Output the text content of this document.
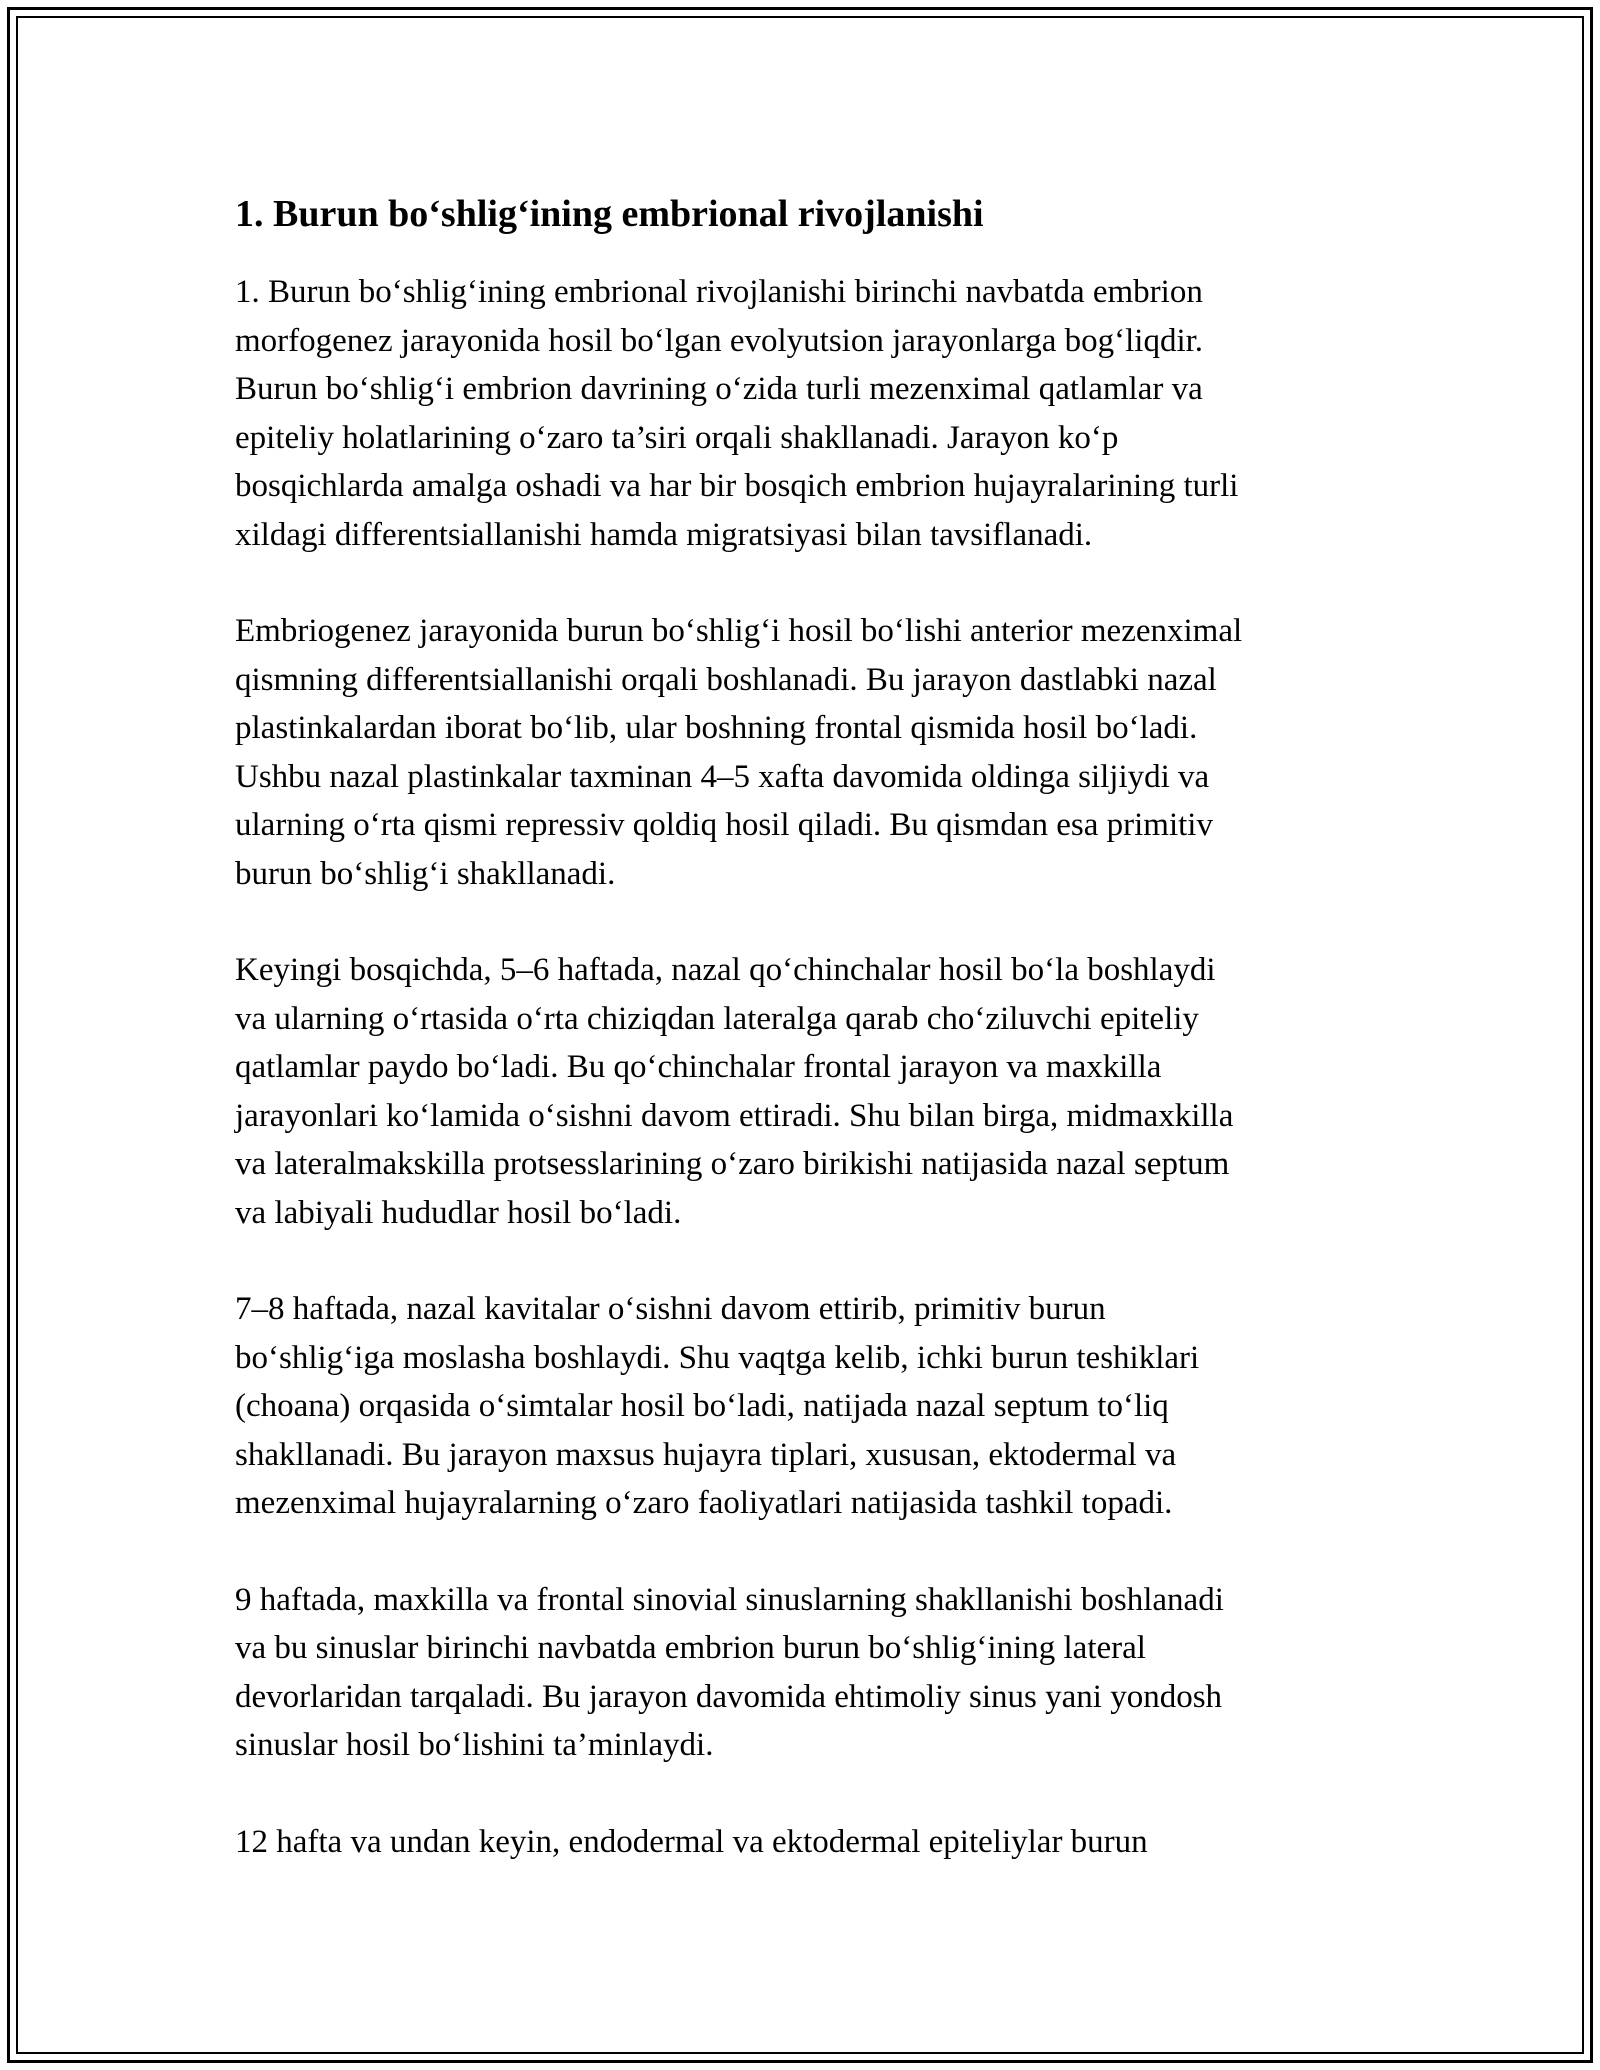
1. Burun bo‘shlig‘ining embrional rivojlanishi

1. Burun bo‘shlig‘ining embrional rivojlanishi birinchi navbatda embrion
morfogenez jarayonida hosil bo‘lgan evolyutsion jarayonlarga bog‘liqdir.
Burun bo‘shlig‘i embrion davrining o‘zida turli mezenximal qatlamlar va
epiteliy holatlarining o‘zaro ta’siri orqali shakllanadi. Jarayon ko‘p
bosqichlarda amalga oshadi va har bir bosqich embrion hujayralarining turli
xildagi differentsiallanishi hamda migratsiyasi bilan tavsiflanadi.

Embriogenez jarayonida burun bo‘shlig‘i hosil bo‘lishi anterior mezenximal
qismning differentsiallanishi orqali boshlanadi. Bu jarayon dastlabki nazal
plastinkalardan iborat bo‘lib, ular boshning frontal qismida hosil bo‘ladi.
Ushbu nazal plastinkalar taxminan 4–5 xafta davomida oldinga siljiydi va
ularning o‘rta qismi repressiv qoldiq hosil qiladi. Bu qismdan esa primitiv
burun bo‘shlig‘i shakllanadi.

Keyingi bosqichda, 5–6 haftada, nazal qo‘chinchalar hosil bo‘la boshlaydi
va ularning o‘rtasida o‘rta chiziqdan lateralga qarab cho‘ziluvchi epiteliy
qatlamlar paydo bo‘ladi. Bu qo‘chinchalar frontal jarayon va maxkilla
jarayonlari ko‘lamida o‘sishni davom ettiradi. Shu bilan birga, midmaxkilla
va lateralmakskilla protsesslarining o‘zaro birikishi natijasida nazal septum
va labiyali hududlar hosil bo‘ladi.

7–8 haftada, nazal kavitalar o‘sishni davom ettirib, primitiv burun
bo‘shlig‘iga moslasha boshlaydi. Shu vaqtga kelib, ichki burun teshiklari
(choana) orqasida o‘simtalar hosil bo‘ladi, natijada nazal septum to‘liq
shakllanadi. Bu jarayon maxsus hujayra tiplari, xususan, ektodermal va
mezenximal hujayralarning o‘zaro faoliyatlari natijasida tashkil topadi.

9 haftada, maxkilla va frontal sinovial sinuslarning shakllanishi boshlanadi
va bu sinuslar birinchi navbatda embrion burun bo‘shlig‘ining lateral
devorlaridan tarqaladi. Bu jarayon davomida ehtimoliy sinus yani yondosh
sinuslar hosil bo‘lishini ta’minlaydi.

12 hafta va undan keyin, endodermal va ektodermal epiteliylar burun
